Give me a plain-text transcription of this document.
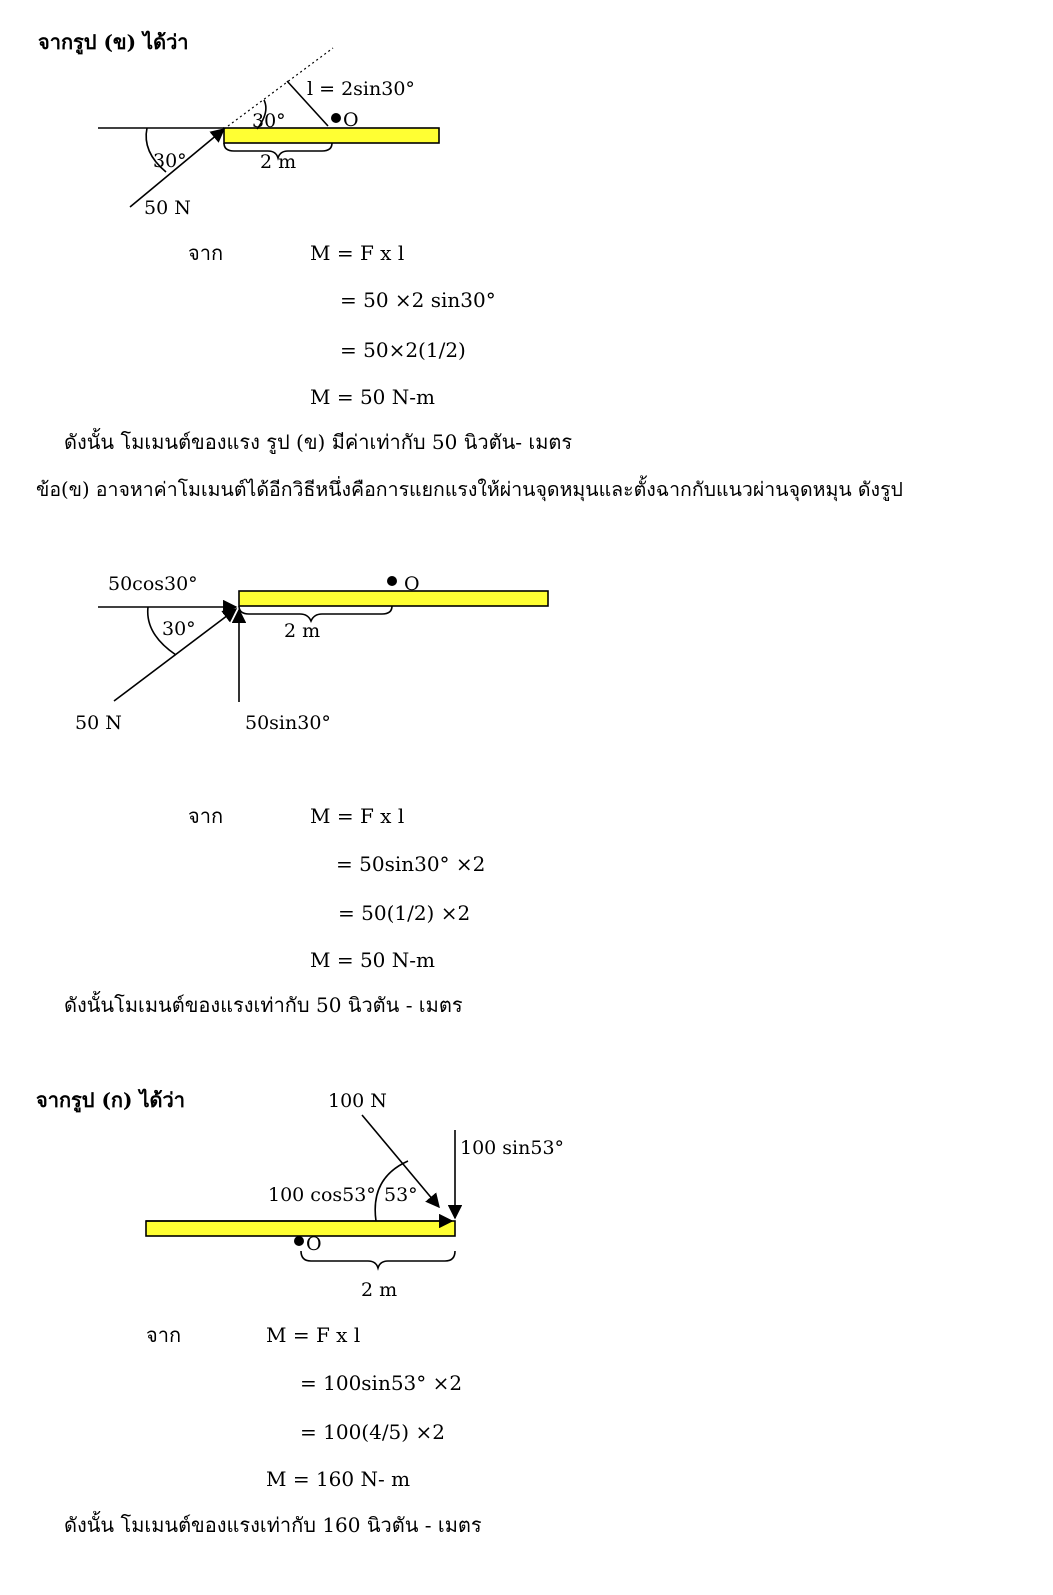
จากรูป (ข) ได้ว่า
l = 2sin30°
30°
30°
O
2 m
50 N
จาก	M = F x l
= 50 ×2 sin30°
= 50×2(1/2)
M = 50 N-m
ดังนั้น โมเมนต์ของแรง รูป (ข) มีค่าเท่ากับ 50 นิวตัน- เมตร
ข้อ(ข) อาจหาค่าโมเมนต์ได้อีกวิธีหนึ่งคือการแยกแรงให้ผ่านจุดหมุนและตั้งฉากกับแนวผ่านจุดหมุน ดังรูป
50cos30°	O
30°	2 m
50 N	50sin30°
จาก	M = F x l
= 50sin30° ×2
= 50(1/2) ×2
M = 50 N-m
ดังนั้นโมเมนต์ของแรงเท่ากับ 50 นิวตัน - เมตร
จากรูป (ก) ได้ว่า	100 N
100 sin53°
100 cos53° 53°
O
2 m
จาก	M = F x l
= 100sin53° ×2
= 100(4/5) ×2
M = 160 N- m
ดังนั้น โมเมนต์ของแรงเท่ากับ 160 นิวตัน - เมตร
